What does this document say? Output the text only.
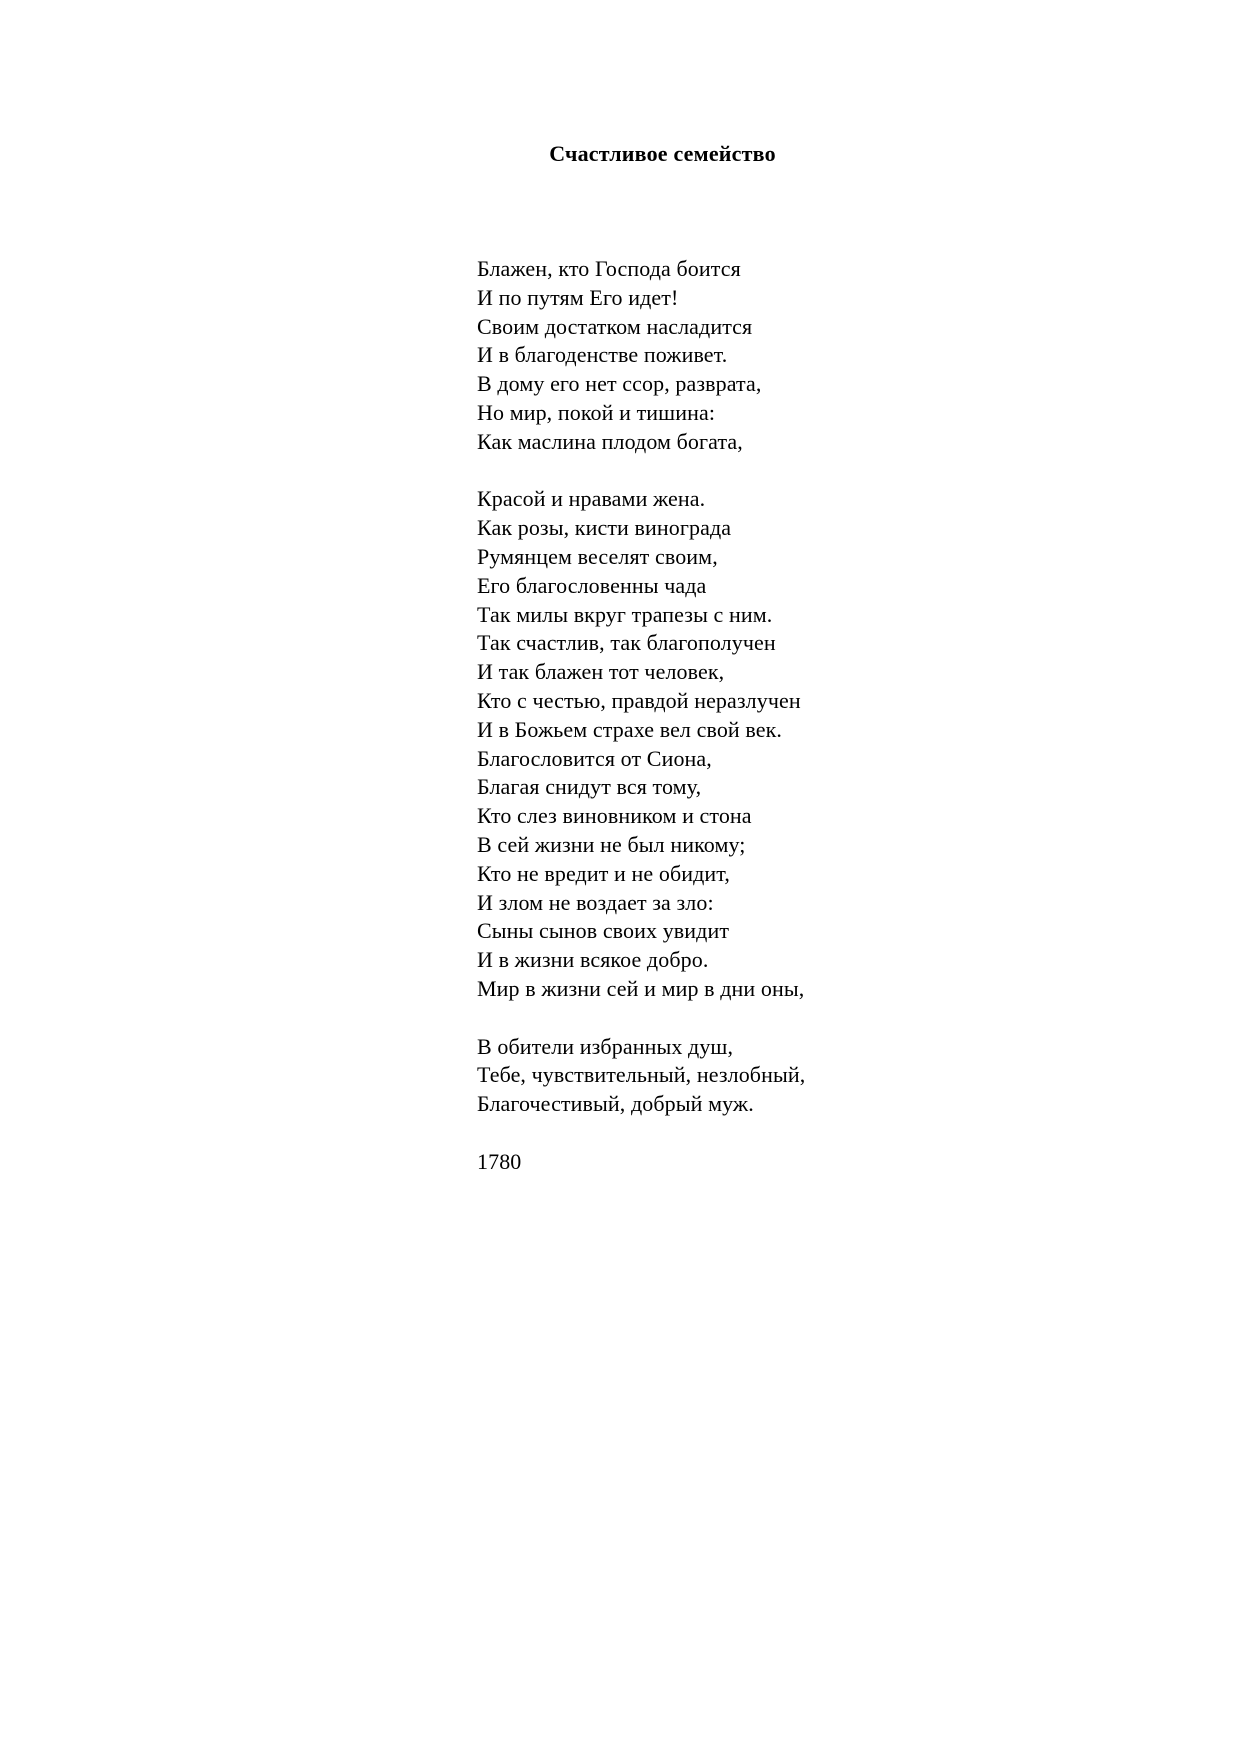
Счастливое семейство
Блажен, кто Господа боится
И по путям Его идет!
Своим достатком насладится
И в благоденстве поживет.
В дому его нет ссор, разврата,
Но мир, покой и тишина:
Как маслина плодом богата,
Красой и нравами жена.
Как розы, кисти винограда
Румянцем веселят своим,
Его благословенны чада
Так милы вкруг трапезы с ним.
Так счастлив, так благополучен
И так блажен тот человек,
Кто с честью, правдой неразлучен
И в Божьем страхе вел свой век.
Благословится от Сиона,
Благая снидут вся тому,
Кто слез виновником и стона
В сей жизни не был никому;
Кто не вредит и не обидит,
И злом не воздает за зло:
Сыны сынов своих увидит
И в жизни всякое добро.
Мир в жизни сей и мир в дни оны,
В обители избранных душ,
Тебе, чувствительный, незлобный,
Благочестивый, добрый муж.
1780
